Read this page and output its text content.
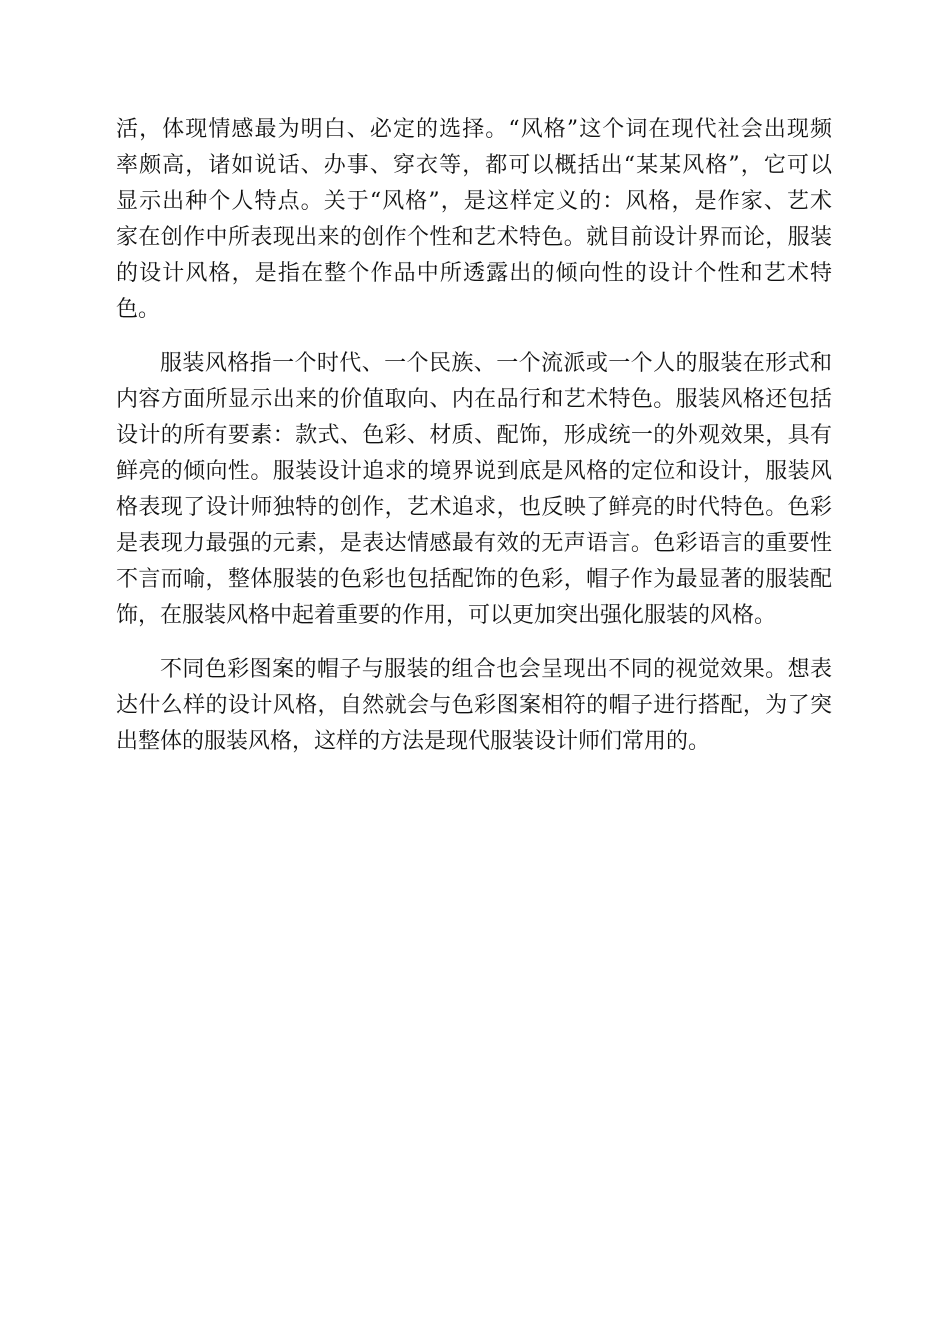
活，体现情感最为明白、必定的选择。“风格”这个词在现代社会出现频
率颇高，诸如说话、办事、穿衣等，都可以概括出“某某风格”，它可以
显示出种个人特点。关于“风格”，是这样定义的：风格，是作家、艺术
家在创作中所表现出来的创作个性和艺术特色。就目前设计界而论，服装
的设计风格，是指在整个作品中所透露出的倾向性的设计个性和艺术特
色。
服装风格指一个时代、一个民族、一个流派或一个人的服装在形式和
内容方面所显示出来的价值取向、内在品行和艺术特色。服装风格还包括
设计的所有要素：款式、色彩、材质、配饰，形成统一的外观效果，具有
鲜亮的倾向性。服装设计追求的境界说到底是风格的定位和设计，服装风
格表现了设计师独特的创作，艺术追求，也反映了鲜亮的时代特色。色彩
是表现力最强的元素，是表达情感最有效的无声语言。色彩语言的重要性
不言而喻，整体服装的色彩也包括配饰的色彩，帽子作为最显著的服装配
饰，在服装风格中起着重要的作用，可以更加突出强化服装的风格。
不同色彩图案的帽子与服装的组合也会呈现出不同的视觉效果。想表
达什么样的设计风格，自然就会与色彩图案相符的帽子进行搭配，为了突
出整体的服装风格，这样的方法是现代服装设计师们常用的。
